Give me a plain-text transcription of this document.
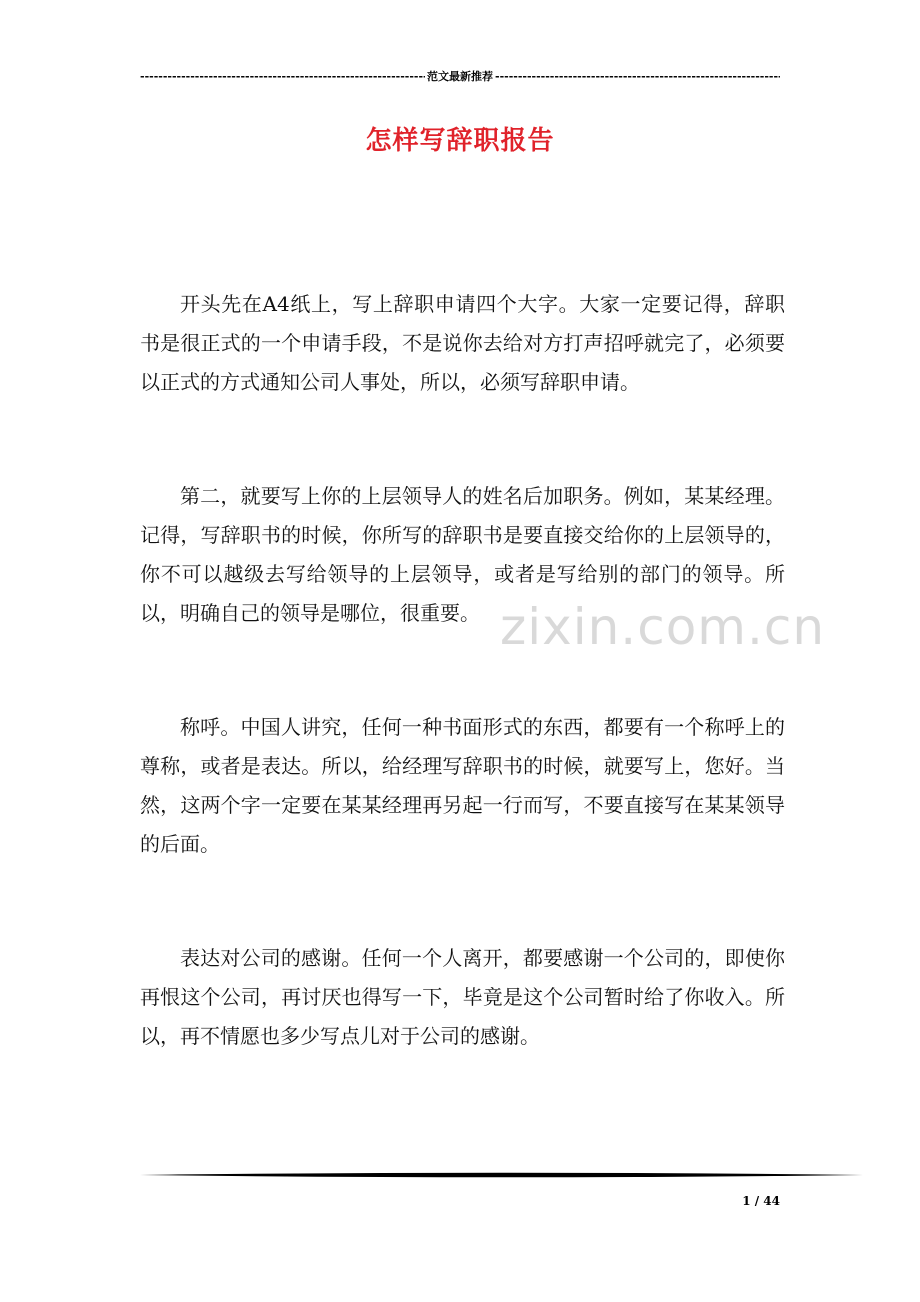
-----
范文最新推荐
-----
怎样写辞职报告

开头先在A4纸上，写上辞职申请四个大字。大家一定要记得，辞职书是很正式的一个申请手段，不是说你去给对方打声招呼就完了，必须要以正式的方式通知公司人事处，所以，必须写辞职申请。

第二，就要写上你的上层领导人的姓名后加职务。例如，某某经理。记得，写辞职书的时候，你所写的辞职书是要直接交给你的上层领导的，你不可以越级去写给领导的上层领导，或者是写给别的部门的领导。所以，明确自己的领导是哪位，很重要。

称呼。中国人讲究，任何一种书面形式的东西，都要有一个称呼上的尊称，或者是表达。所以，给经理写辞职书的时候，就要写上，您好。当然，这两个字一定要在某某经理再另起一行而写，不要直接写在某某领导的后面。

表达对公司的感谢。任何一个人离开，都要感谢一个公司的，即使你再恨这个公司，再讨厌也得写一下，毕竟是这个公司暂时给了你收入。所以，再不情愿也多少写点儿对于公司的感谢。

zixin.com.cn
1 / 44
